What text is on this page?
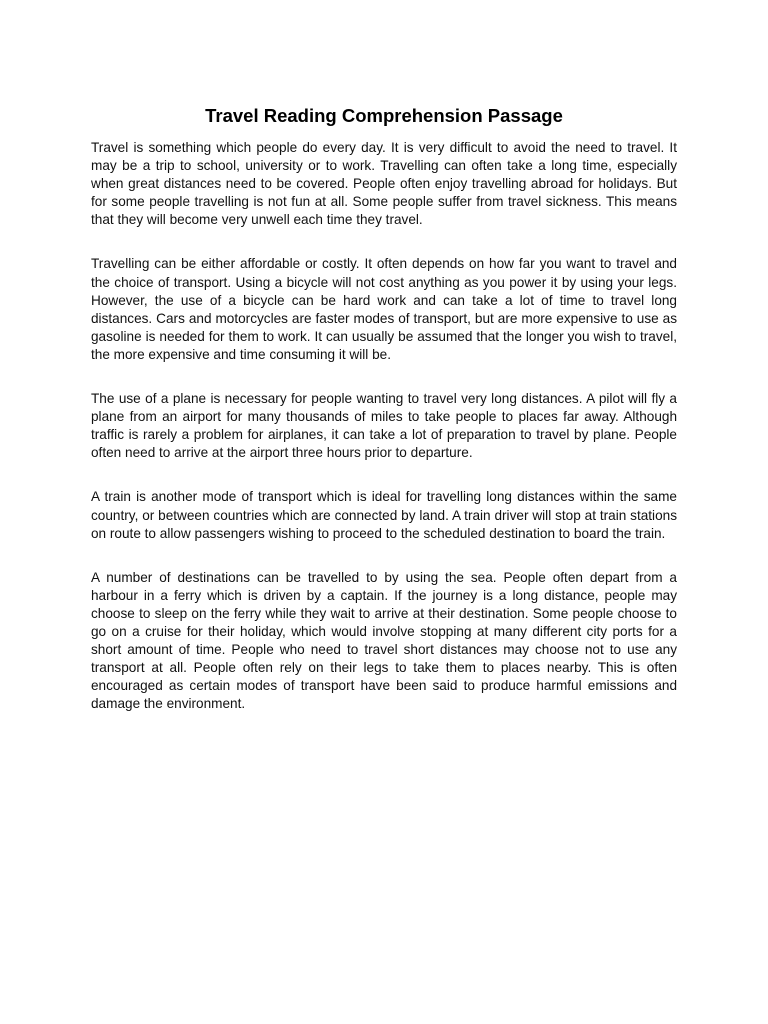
Travel Reading Comprehension Passage

Travel is something which people do every day. It is very difficult to avoid the need to travel. It may be a trip to school, university or to work. Travelling can often take a long time, especially when great distances need to be covered. People often enjoy travelling abroad for holidays. But for some people travelling is not fun at all. Some people suffer from travel sickness. This means that they will become very unwell each time they travel.

Travelling can be either affordable or costly. It often depends on how far you want to travel and the choice of transport. Using a bicycle will not cost anything as you power it by using your legs. However, the use of a bicycle can be hard work and can take a lot of time to travel long distances. Cars and motorcycles are faster modes of transport, but are more expensive to use as gasoline is needed for them to work. It can usually be assumed that the longer you wish to travel, the more expensive and time consuming it will be.

The use of a plane is necessary for people wanting to travel very long distances. A pilot will fly a plane from an airport for many thousands of miles to take people to places far away. Although traffic is rarely a problem for airplanes, it can take a lot of preparation to travel by plane. People often need to arrive at the airport three hours prior to departure.

A train is another mode of transport which is ideal for travelling long distances within the same country, or between countries which are connected by land. A train driver will stop at train stations on route to allow passengers wishing to proceed to the scheduled destination to board the train.

A number of destinations can be travelled to by using the sea. People often depart from a harbour in a ferry which is driven by a captain. If the journey is a long distance, people may choose to sleep on the ferry while they wait to arrive at their destination. Some people choose to go on a cruise for their holiday, which would involve stopping at many different city ports for a short amount of time. People who need to travel short distances may choose not to use any transport at all. People often rely on their legs to take them to places nearby. This is often encouraged as certain modes of transport have been said to produce harmful emissions and damage the environment.
